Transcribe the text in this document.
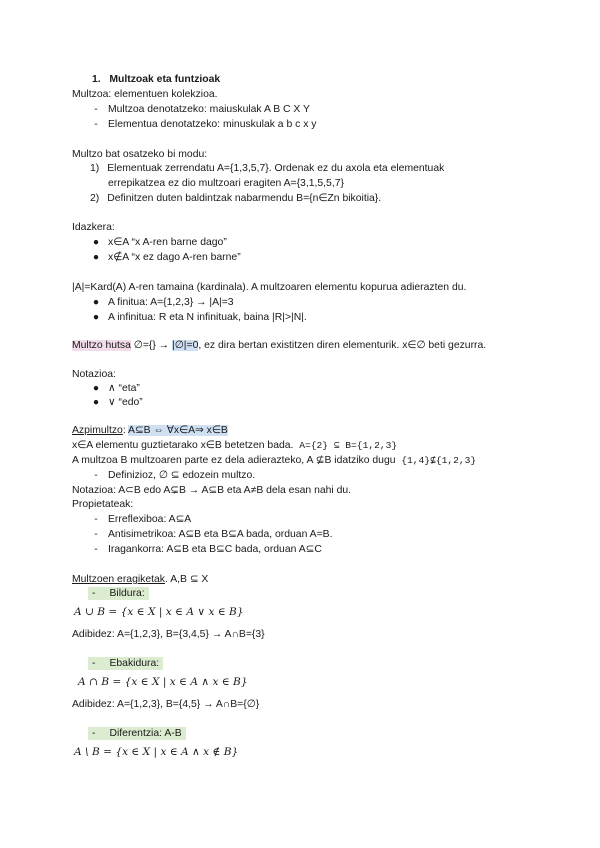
1. Multzoak eta funtzioak
Multzoa: elementuen kolekzioa.
- Multzoa denotatzeko: maiuskulak A B C X Y
- Elementua denotatzeko: minuskulak a b c x y
Multzo bat osatzeko bi modu:
1) Elementuak zerrendatu A={1,3,5,7}. Ordenak ez du axola eta elementuak
errepikatzea ez dio multzoari eragiten A={3,1,5,5,7}
2) Definitzen duten baldintzak nabarmendu B={n∈Zn bikoitia}.
Idazkera:
● x∈A “x A-ren barne dago”
● x∉A “x ez dago A-ren barne”
|A|=Kard(A) A-ren tamaina (kardinala). A multzoaren elementu kopurua adierazten du.
● A finitua: A={1,2,3} → |A|=3
● A infinitua: R eta N infinituak, baina |R|>|N|.
Multzo hutsa ∅={} → |∅|=0, ez dira bertan existitzen diren elementurik. x∈∅ beti gezurra.
Notazioa:
● ∧ “eta”
● ∨ “edo”
Azpimultzo: A⊆B ⇔ ∀x∈A⇒ x∈B
x∈A elementu guztietarako x∈B betetzen bada. A={2} ⊆ B={1,2,3}
A multzoa B multzoaren parte ez dela adierazteko, A ⊈B idatziko dugu {1,4}⊈{1,2,3}
- Definizioz, ∅ ⊆ edozein multzo.
Notazioa: A⊂B edo A⊊B → A⊆B eta A≠B dela esan nahi du.
Propietateak:
- Erreflexiboa: A⊆A
- Antisimetrikoa: A⊆B eta B⊆A bada, orduan A=B.
- Iragankorra: A⊆B eta B⊆C bada, orduan A⊆C
Multzoen eragiketak. A,B ⊆ X
- Bildura:
A ∪ B = {x ∈ X | x ∈ A ∨ x ∈ B}
Adibidez: A={1,2,3}, B={3,4,5} → A∩B={3}
- Ebakidura:
A ∩ B = {x ∈ X | x ∈ A ∧ x ∈ B}
Adibidez: A={1,2,3}, B={4,5} → A∩B={∅}
- Diferentzia: A-B
A \ B = {x ∈ X | x ∈ A ∧ x ∉ B}
